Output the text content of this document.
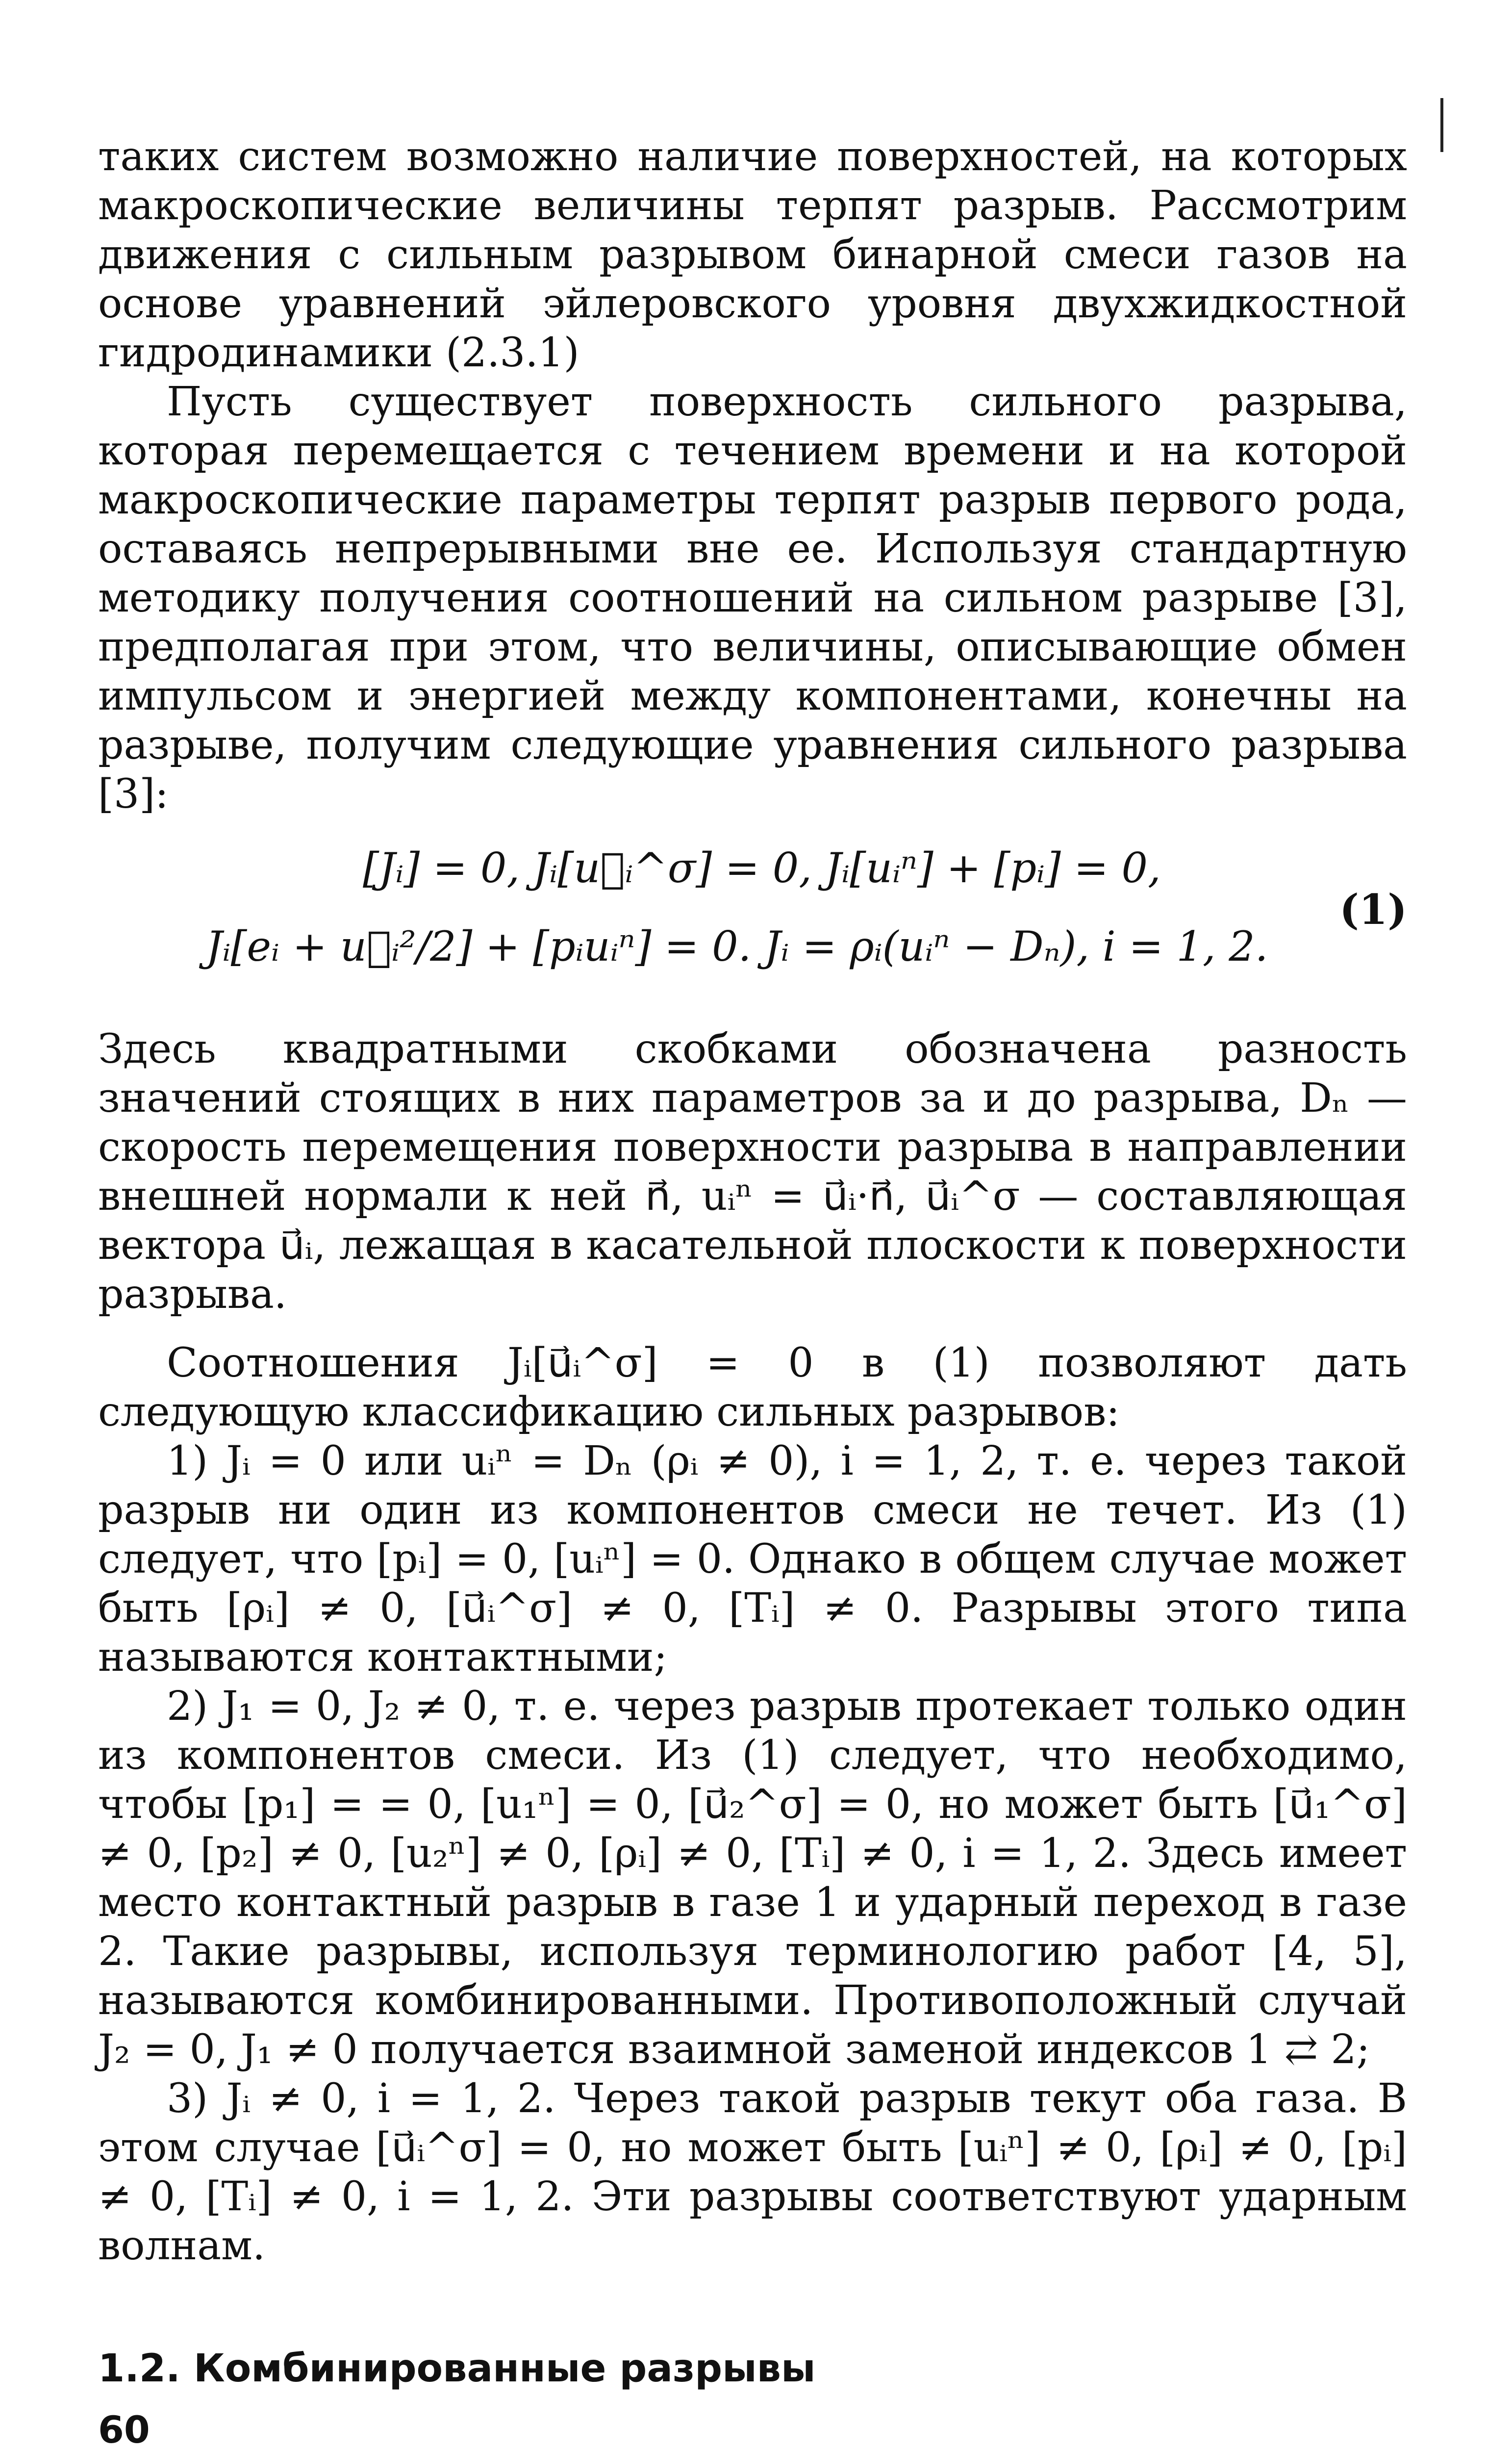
таких систем возможно наличие поверхностей, на которых макроскопические величины терпят разрыв. Рассмотрим движения с сильным разрывом бинарной смеси газов на основе уравнений эйлеровского уровня двухжидкостной гидродинамики (2.3.1)

Пусть существует поверхность сильного разрыва, которая перемещается с течением времени и на которой макроскопические параметры терпят разрыв первого рода, оставаясь непрерывными вне ее. Используя стандартную методику получения соотношений на сильном разрыве [3], предполагая при этом, что величины, описывающие обмен импульсом и энергией между компонентами, конечны на разрыве, получим следующие уравнения сильного разрыва [3]:

[Jᵢ] = 0, Jᵢ[u⃗ᵢ^σ] = 0, Jᵢ[uᵢⁿ] + [pᵢ] = 0,
Jᵢ[eᵢ + u⃗ᵢ²/2] + [pᵢuᵢⁿ] = 0. Jᵢ = ρᵢ(uᵢⁿ − Dₙ), i = 1, 2.
(1)

Здесь квадратными скобками обозначена разность значений стоящих в них параметров за и до разрыва, Dₙ — скорость перемещения поверхности разрыва в направлении внешней нормали к ней n⃗, uᵢⁿ = u⃗ᵢ·n⃗, u⃗ᵢ^σ — составляющая вектора u⃗ᵢ, лежащая в касательной плоскости к поверхности разрыва.

Соотношения Jᵢ[u⃗ᵢ^σ] = 0 в (1) позволяют дать следующую классификацию сильных разрывов:

1) Jᵢ = 0 или uᵢⁿ = Dₙ (ρᵢ ≠ 0), i = 1, 2, т. е. через такой разрыв ни один из компонентов смеси не течет. Из (1) следует, что [pᵢ] = 0, [uᵢⁿ] = 0. Однако в общем случае может быть [ρᵢ] ≠ 0, [u⃗ᵢ^σ] ≠ 0, [Tᵢ] ≠ 0. Разрывы этого типа называются контактными;

2) J₁ = 0, J₂ ≠ 0, т. е. через разрыв протекает только один из компонентов смеси. Из (1) следует, что необходимо, чтобы [p₁] = = 0, [u₁ⁿ] = 0, [u⃗₂^σ] = 0, но может быть [u⃗₁^σ] ≠ 0, [p₂] ≠ 0, [u₂ⁿ] ≠ 0, [ρᵢ] ≠ 0, [Tᵢ] ≠ 0, i = 1, 2. Здесь имеет место контактный разрыв в газе 1 и ударный переход в газе 2. Такие разрывы, используя терминологию работ [4, 5], называются комбинированными. Противоположный случай J₂ = 0, J₁ ≠ 0 получается взаимной заменой индексов 1 ⇄ 2;

3) Jᵢ ≠ 0, i = 1, 2. Через такой разрыв текут оба газа. В этом случае [u⃗ᵢ^σ] = 0, но может быть [uᵢⁿ] ≠ 0, [ρᵢ] ≠ 0, [pᵢ] ≠ 0, [Tᵢ] ≠ 0, i = 1, 2. Эти разрывы соответствуют ударным волнам.

1.2. Комбинированные разрывы

60
